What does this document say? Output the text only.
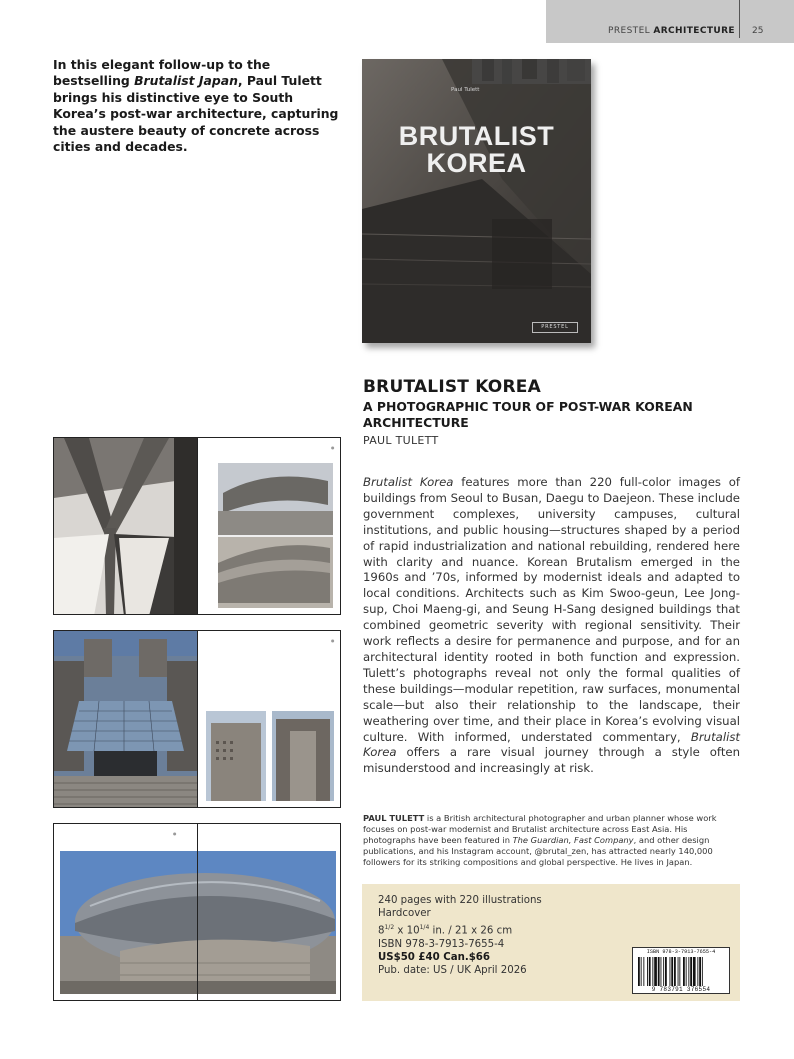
PRESTEL ARCHITECTURE 25
In this elegant follow-up to the bestselling Brutalist Japan, Paul Tulett brings his distinctive eye to South Korea’s post-war architecture, capturing the austere beauty of concrete across cities and decades.
Paul Tulett
BRUTALIST
KOREA
PRESTEL
●
●
●
BRUTALIST KOREA
A PHOTOGRAPHIC TOUR OF POST-WAR KOREAN ARCHITECTURE
PAUL TULETT
Brutalist Korea features more than 220 full-color images of buildings from Seoul to Busan, Daegu to Daejeon. These include government complexes, university campuses, cultural institutions, and public housing—structures shaped by a period of rapid industrialization and national rebuilding, rendered here with clarity and nuance. Korean Brutalism emerged in the 1960s and ’70s, informed by modernist ideals and adapted to local conditions. Architects such as Kim Swoo-geun, Lee Jong-sup, Choi Maeng-gi, and Seung H-Sang designed buildings that combined geometric severity with regional sensitivity. Their work reflects a desire for permanence and purpose, and for an architectural identity rooted in both function and expression. Tulett’s photographs reveal not only the formal qualities of these buildings—modular repetition, raw surfaces, monumental scale—but also their relationship to the landscape, their weathering over time, and their place in Korea’s evolving visual culture. With informed, understated commentary, Brutalist Korea offers a rare visual journey through a style often misunderstood and increasingly at risk.
PAUL TULETT is a British architectural photographer and urban planner whose work focuses on post-war modernist and Brutalist architecture across East Asia. His photographs have been featured in The Guardian, Fast Company, and other design publications, and his Instagram account, @brutal_zen, has attracted nearly 140,000 followers for its striking compositions and global perspective. He lives in Japan.
240 pages with 220 illustrations
Hardcover
$8^{1/2}$ x $10^{1/4}$ in. / 21 x 26 cm
ISBN 978-3-7913-7655-4
US$50 £40 Can.$66
Pub. date: US / UK April 2026
ISBN 978-3-7913-7655-4
9 783791 376554
